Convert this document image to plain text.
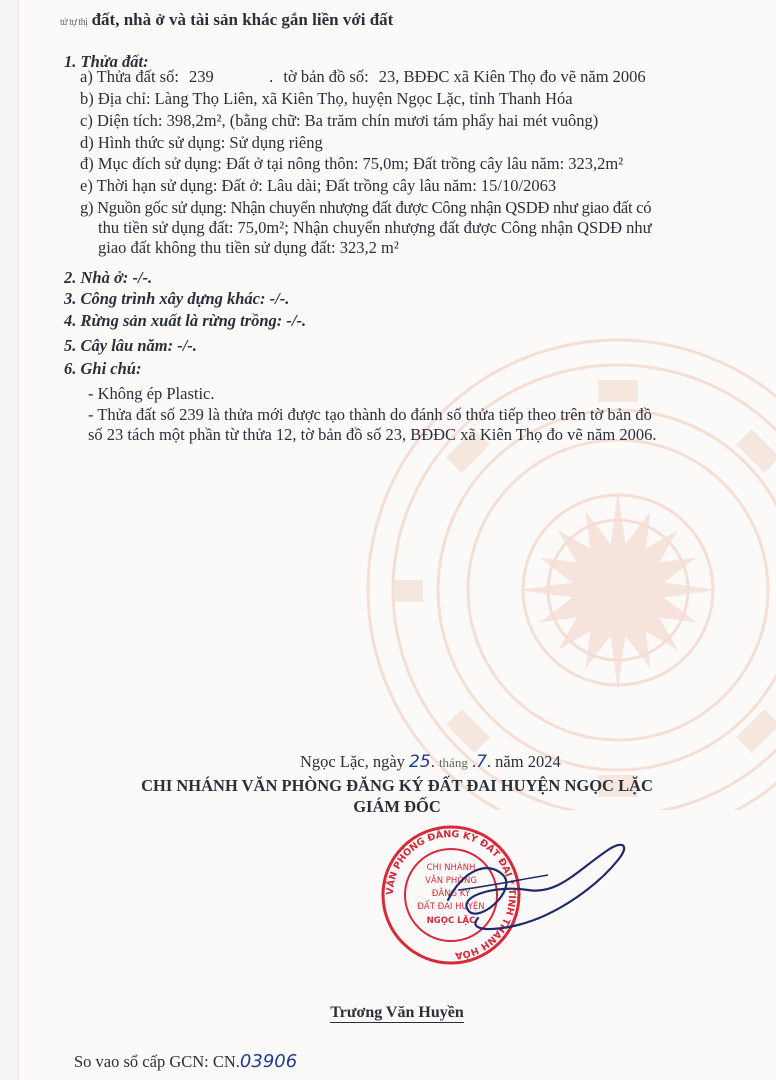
tứ tự thị đất, nhà ở và tài sản khác gắn liền với đất
1. Thửa đất:
a) Thửa đất số: 239	. tờ bản đồ số: 23, BĐĐC xã Kiên Thọ đo vẽ năm 2006
b) Địa chỉ: Làng Thọ Liên, xã Kiên Thọ, huyện Ngọc Lặc, tỉnh Thanh Hóa
c) Diện tích: 398,2m², (bằng chữ: Ba trăm chín mươi tám phẩy hai mét vuông)
d) Hình thức sử dụng: Sử dụng riêng
đ) Mục đích sử dụng: Đất ở tại nông thôn: 75,0m; Đất trồng cây lâu năm: 323,2m²
e) Thời hạn sử dụng: Đất ở: Lâu dài; Đất trồng cây lâu năm: 15/10/2063
g) Nguồn gốc sử dụng: Nhận chuyển nhượng đất được Công nhận QSDĐ như giao đất có
thu tiền sử dụng đất: 75,0m²; Nhận chuyển nhượng đất được Công nhận QSDĐ như
giao đất không thu tiền sử dụng đất: 323,2 m²
2. Nhà ở: -/-.
3. Công trình xây dựng khác: -/-.
4. Rừng sản xuất là rừng trồng: -/-.
5. Cây lâu năm: -/-.
6. Ghi chú:
- Không ép Plastic.
- Thửa đất số 239 là thửa mới được tạo thành do đánh số thửa tiếp theo trên tờ bản đồ
số 23 tách một phần từ thửa 12, tờ bản đồ số 23, BĐĐC xã Kiên Thọ đo vẽ năm 2006.
Ngọc Lặc, ngày 25. tháng .7. năm 2024
CHI NHÁNH VĂN PHÒNG ĐĂNG KÝ ĐẤT ĐAI HUYỆN NGỌC LẶC
GIÁM ĐỐC
VĂN PHÒNG ĐĂNG KÝ ĐẤT ĐAI * TỈNH THANH HÓA
CHI NHÁNH
VĂN PHÒNG
ĐĂNG KÝ
ĐẤT ĐAI HUYỆN
NGỌC LẶC
Trương Văn Huyền
So vao sổ cấp GCN: CN.03906
